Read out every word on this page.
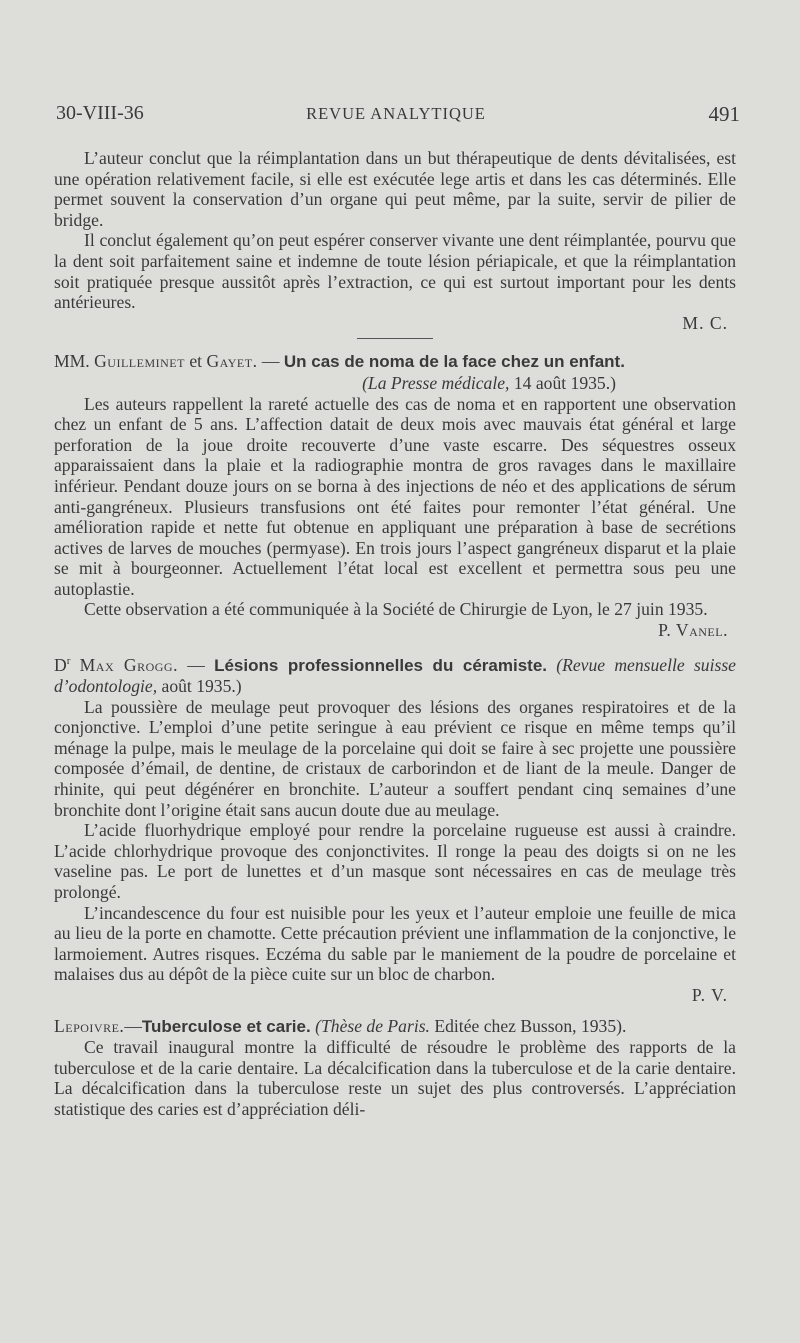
30-VIII-36	REVUE ANALYTIQUE	491

L’auteur conclut que la réimplantation dans un but thérapeutique de dents dévitalisées, est une opération relativement facile, si elle est exécutée lege artis et dans les cas déterminés. Elle permet souvent la conservation d’un organe qui peut même, par la suite, servir de pilier de bridge.

Il conclut également qu’on peut espérer conserver vivante une dent réimplantée, pourvu que la dent soit parfaitement saine et indemne de toute lésion périapicale, et que la réimplantation soit pratiquée presque aussitôt après l’extraction, ce qui est surtout important pour les dents antérieures.

M. C.
MM. Guilleminet et Gayet. — Un cas de noma de la face chez un enfant.
(La Presse médicale, 14 août 1935.)

Les auteurs rappellent la rareté actuelle des cas de noma et en rapportent une observation chez un enfant de 5 ans. L’affection datait de deux mois avec mauvais état général et large perforation de la joue droite recouverte d’une vaste escarre. Des séquestres osseux apparaissaient dans la plaie et la radiographie montra de gros ravages dans le maxillaire inférieur. Pendant douze jours on se borna à des injections de néo et des applications de sérum anti-gangréneux. Plusieurs transfusions ont été faites pour remonter l’état général. Une amélioration rapide et nette fut obtenue en appliquant une préparation à base de secrétions actives de larves de mouches (permyase). En trois jours l’aspect gangréneux disparut et la plaie se mit à bourgeonner. Actuellement l’état local est excellent et permettra sous peu une autoplastie.

Cette observation a été communiquée à la Société de Chirurgie de Lyon, le 27 juin 1935.

P. Vanel.

$D^r$ Max Grogg. — Lésions professionnelles du céramiste. (Revue mensuelle suisse d’odontologie, août 1935.)

La poussière de meulage peut provoquer des lésions des organes respiratoires et de la conjonctive. L’emploi d’une petite seringue à eau prévient ce risque en même temps qu’il ménage la pulpe, mais le meulage de la porcelaine qui doit se faire à sec projette une poussière composée d’émail, de dentine, de cristaux de carborindon et de liant de la meule. Danger de rhinite, qui peut dégénérer en bronchite. L’auteur a souffert pendant cinq semaines d’une bronchite dont l’origine était sans aucun doute due au meulage.

L’acide fluorhydrique employé pour rendre la porcelaine rugueuse est aussi à craindre. L’acide chlorhydrique provoque des conjonctivites. Il ronge la peau des doigts si on ne les vaseline pas. Le port de lunettes et d’un masque sont nécessaires en cas de meulage très prolongé.

L’incandescence du four est nuisible pour les yeux et l’auteur emploie une feuille de mica au lieu de la porte en chamotte. Cette précaution prévient une inflammation de la conjonctive, le larmoiement. Autres risques. Eczéma du sable par le maniement de la poudre de porcelaine et malaises dus au dépôt de la pièce cuite sur un bloc de charbon.

P. V.

Lepoivre.—Tuberculose et carie. (Thèse de Paris. Editée chez Busson, 1935).

Ce travail inaugural montre la difficulté de résoudre le problème des rapports de la tuberculose et de la carie dentaire. La décalcification dans la tuberculose et de la carie dentaire. La décalcification dans la tuberculose reste un sujet des plus controversés. L’appréciation statistique des caries est d’appréciation déli-
